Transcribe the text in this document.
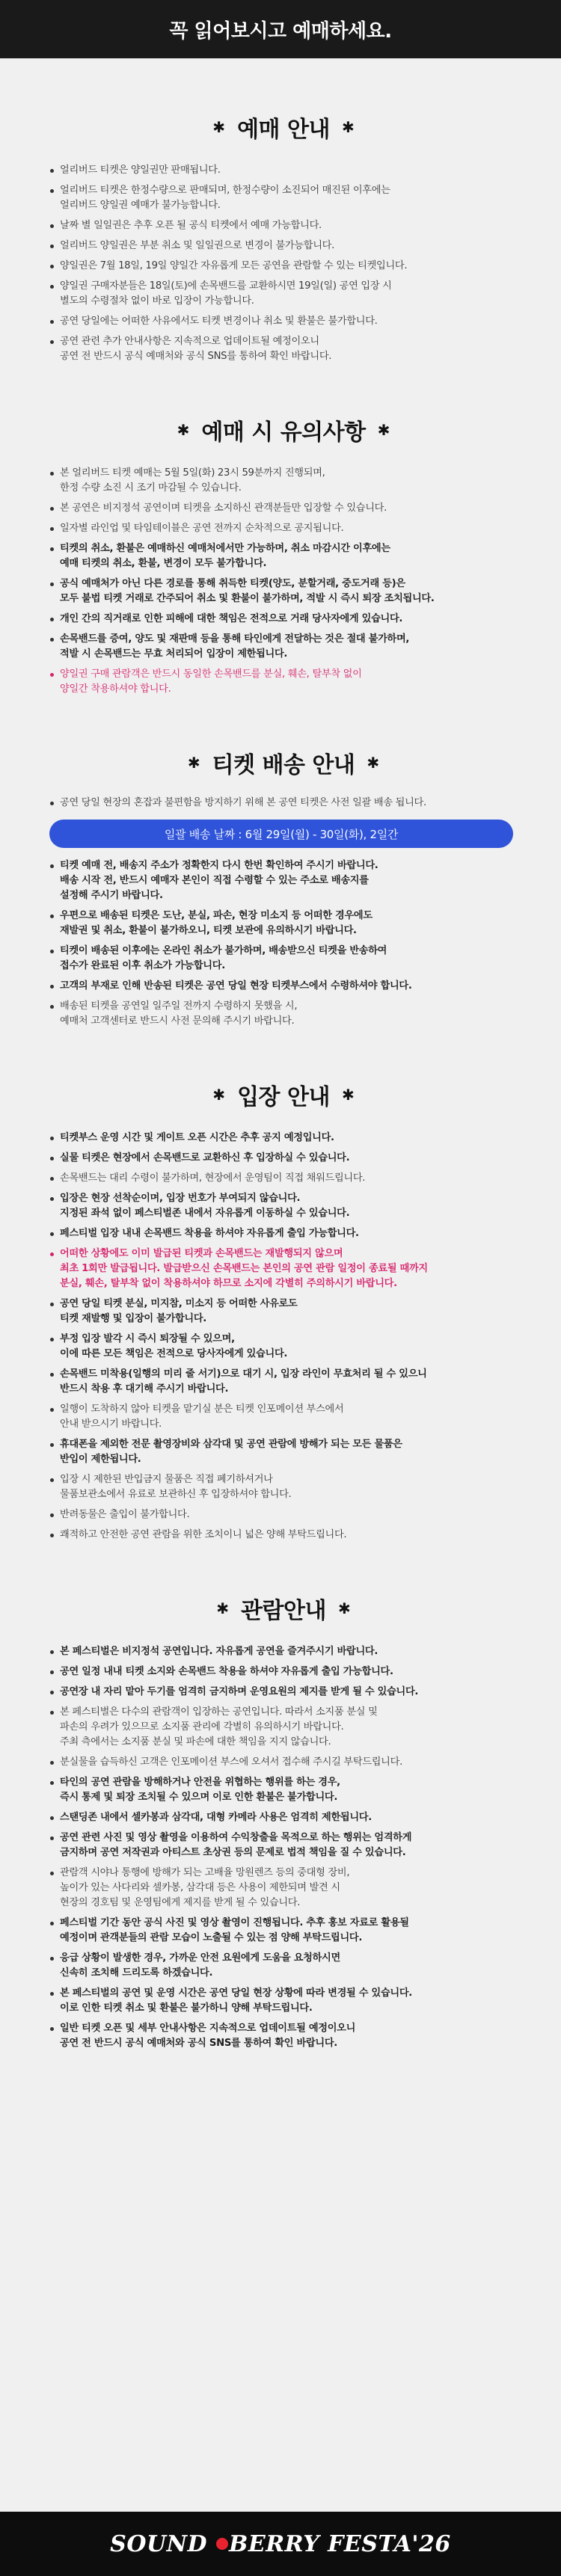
꼭 읽어보시고 예매하세요.
✱ 예매 안내 ✱
얼리버드 티켓은 양일권만 판매됩니다.
얼리버드 티켓은 한정수량으로 판매되며, 한정수량이 소진되어 매진된 이후에는
얼리버드 양일권 예매가 불가능합니다.
날짜 별 일일권은 추후 오픈 될 공식 티켓에서 예매 가능합니다.
얼리버드 양일권은 부분 취소 및 일일권으로 변경이 불가능합니다.
양일권은 7월 18일, 19일 양일간 자유롭게 모든 공연을 관람할 수 있는 티켓입니다.
양일권 구매자분들은 18일(토)에 손목밴드를 교환하시면 19일(일) 공연 입장 시
별도의 수령절차 없이 바로 입장이 가능합니다.
공연 당일에는 어떠한 사유에서도 티켓 변경이나 취소 및 환불은 불가합니다.
공연 관련 추가 안내사항은 지속적으로 업데이트될 예정이오니
공연 전 반드시 공식 예매처와 공식 SNS를 통하여 확인 바랍니다.
✱ 예매 시 유의사항 ✱
본 얼리버드 티켓 예매는 5월 5일(화) 23시 59분까지 진행되며,
한정 수량 소진 시 조기 마감될 수 있습니다.
본 공연은 비지정석 공연이며 티켓을 소지하신 관객분들만 입장할 수 있습니다.
일자별 라인업 및 타임테이블은 공연 전까지 순차적으로 공지됩니다.
티켓의 취소, 환불은 예매하신 예매처에서만 가능하며, 취소 마감시간 이후에는
예매 티켓의 취소, 환불, 변경이 모두 불가합니다.
공식 예매처가 아닌 다른 경로를 통해 취득한 티켓(양도, 분할거래, 중도거래 등)은
모두 불법 티켓 거래로 간주되어 취소 및 환불이 불가하며, 적발 시 즉시 퇴장 조치됩니다.
개인 간의 직거래로 인한 피해에 대한 책임은 전적으로 거래 당사자에게 있습니다.
손목밴드를 증여, 양도 및 재판매 등을 통해 타인에게 전달하는 것은 절대 불가하며,
적발 시 손목밴드는 무효 처리되어 입장이 제한됩니다.
양일권 구매 관람객은 반드시 동일한 손목밴드를 분실, 훼손, 탈부착 없이
양일간 착용하셔야 합니다.
✱ 티켓 배송 안내 ✱
공연 당일 현장의 혼잡과 불편함을 방지하기 위해 본 공연 티켓은 사전 일괄 배송 됩니다.
일괄 배송 날짜 : 6월 29일(월) - 30일(화), 2일간
티켓 예매 전, 배송지 주소가 정확한지 다시 한번 확인하여 주시기 바랍니다.
배송 시작 전, 반드시 예매자 본인이 직접 수령할 수 있는 주소로 배송지를
설정해 주시기 바랍니다.
우편으로 배송된 티켓은 도난, 분실, 파손, 현장 미소지 등 어떠한 경우에도
재발권 및 취소, 환불이 불가하오니, 티켓 보관에 유의하시기 바랍니다.
티켓이 배송된 이후에는 온라인 취소가 불가하며, 배송받으신 티켓을 반송하여
접수가 완료된 이후 취소가 가능합니다.
고객의 부재로 인해 반송된 티켓은 공연 당일 현장 티켓부스에서 수령하셔야 합니다.
배송된 티켓을 공연일 일주일 전까지 수령하지 못했을 시,
예매처 고객센터로 반드시 사전 문의해 주시기 바랍니다.
✱ 입장 안내 ✱
티켓부스 운영 시간 및 게이트 오픈 시간은 추후 공지 예정입니다.
실물 티켓은 현장에서 손목밴드로 교환하신 후 입장하실 수 있습니다.
손목밴드는 대리 수령이 불가하며, 현장에서 운영팀이 직접 채워드립니다.
입장은 현장 선착순이며, 입장 번호가 부여되지 않습니다.
지정된 좌석 없이 페스티벌존 내에서 자유롭게 이동하실 수 있습니다.
페스티벌 입장 내내 손목밴드 착용을 하셔야 자유롭게 출입 가능합니다.
어떠한 상황에도 이미 발급된 티켓과 손목밴드는 재발행되지 않으며
최초 1회만 발급됩니다. 발급받으신 손목밴드는 본인의 공연 관람 일정이 종료될 때까지
분실, 훼손, 탈부착 없이 착용하셔야 하므로 소지에 각별히 주의하시기 바랍니다.
공연 당일 티켓 분실, 미지참, 미소지 등 어떠한 사유로도
티켓 재발행 및 입장이 불가합니다.
부정 입장 발각 시 즉시 퇴장될 수 있으며,
이에 따른 모든 책임은 전적으로 당사자에게 있습니다.
손목밴드 미착용(일행의 미리 줄 서기)으로 대기 시, 입장 라인이 무효처리 될 수 있으니
반드시 착용 후 대기해 주시기 바랍니다.
일행이 도착하지 않아 티켓을 맡기실 분은 티켓 인포메이션 부스에서
안내 받으시기 바랍니다.
휴대폰을 제외한 전문 촬영장비와 삼각대 및 공연 관람에 방해가 되는 모든 물품은
반입이 제한됩니다.
입장 시 제한된 반입금지 물품은 직접 폐기하셔거나
물품보관소에서 유료로 보관하신 후 입장하셔야 합니다.
반려동물은 출입이 불가합니다.
쾌적하고 안전한 공연 관람을 위한 조치이니 넓은 양해 부탁드립니다.
✱ 관람안내 ✱
본 페스티벌은 비지정석 공연입니다. 자유롭게 공연을 즐겨주시기 바랍니다.
공연 일정 내내 티켓 소지와 손목밴드 착용을 하셔야 자유롭게 출입 가능합니다.
공연장 내 자리 맡아 두기를 엄격히 금지하며 운영요원의 제지를 받게 될 수 있습니다.
본 페스티벌은 다수의 관람객이 입장하는 공연입니다. 따라서 소지품 분실 및
파손의 우려가 있으므로 소지품 관리에 각별히 유의하시기 바랍니다.
주최 측에서는 소지품 분실 및 파손에 대한 책임을 지지 않습니다.
분실물을 습득하신 고객은 인포메이션 부스에 오셔서 접수해 주시길 부탁드립니다.
타인의 공연 관람을 방해하거나 안전을 위협하는 행위를 하는 경우,
즉시 통제 및 퇴장 조치될 수 있으며 이로 인한 환불은 불가합니다.
스탠딩존 내에서 셀카봉과 삼각대, 대형 카메라 사용은 엄격히 제한됩니다.
공연 관련 사진 및 영상 촬영을 이용하여 수익창출을 목적으로 하는 행위는 엄격하게
금지하며 공연 저작권과 아티스트 초상권 등의 문제로 법적 책임을 질 수 있습니다.
관람객 시야나 통행에 방해가 되는 고배율 망원렌즈 등의 중대형 장비,
높이가 있는 사다리와 셀카봉, 삼각대 등은 사용이 제한되며 발견 시
현장의 경호팀 및 운영팀에게 제지를 받게 될 수 있습니다.
페스티벌 기간 동안 공식 사진 및 영상 촬영이 진행됩니다. 추후 홍보 자료로 활용될
예정이며 관객분들의 관람 모습이 노출될 수 있는 점 양해 부탁드립니다.
응급 상황이 발생한 경우, 가까운 안전 요원에게 도움을 요청하시면
신속히 조치해 드리도록 하겠습니다.
본 페스티벌의 공연 및 운영 시간은 공연 당일 현장 상황에 따라 변경될 수 있습니다.
이로 인한 티켓 취소 및 환불은 불가하니 양해 부탁드립니다.
일반 티켓 오픈 및 세부 안내사항은 지속적으로 업데이트될 예정이오니
공연 전 반드시 공식 예매처와 공식 SNS를 통하여 확인 바랍니다.
SOUND BERRY FESTA'26
